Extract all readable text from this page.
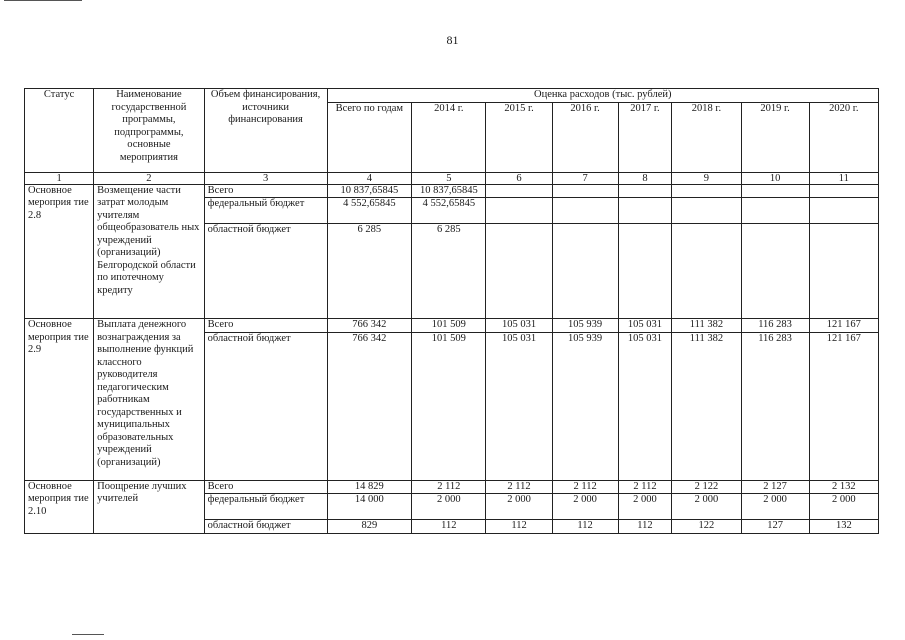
81
Статус	Наименование государственной программы, подпрограммы, основные мероприятия	Объем финансирования, источники финансирования	Оценка расходов (тыс. рублей)							
			Всего по годам	2014 г.	2015 г.	2016 г.	2017 г.	2018 г.	2019 г.	2020 г.
1	2	3	4	5	6	7	8	9	10	11
Основное мероприя тие 2.8	Возмещение части затрат молодым учителям общеобразователь ных учреждений (организаций) Белгородской области по ипотечному кредиту	Всего	10 837,65845	10 837,65845						
		федеральный бюджет	4 552,65845	4 552,65845						
		областной бюджет	6 285	6 285						
Основное мероприя тие 2.9	Выплата денежного вознаграждения за выполнение функций классного руководителя педагогическим работникам государственных и муниципальных образовательных учреждений (организаций)	Всего	766 342	101 509	105 031	105 939	105 031	111 382	116 283	121 167
		областной бюджет	766 342	101 509	105 031	105 939	105 031	111 382	116 283	121 167
Основное мероприя тие 2.10	Поощрение лучших учителей	Всего	14 829	2 112	2 112	2 112	2 112	2 122	2 127	2 132
		федеральный бюджет	14 000	2 000	2 000	2 000	2 000	2 000	2 000	2 000
		областной бюджет	829	112	112	112	112	122	127	132
